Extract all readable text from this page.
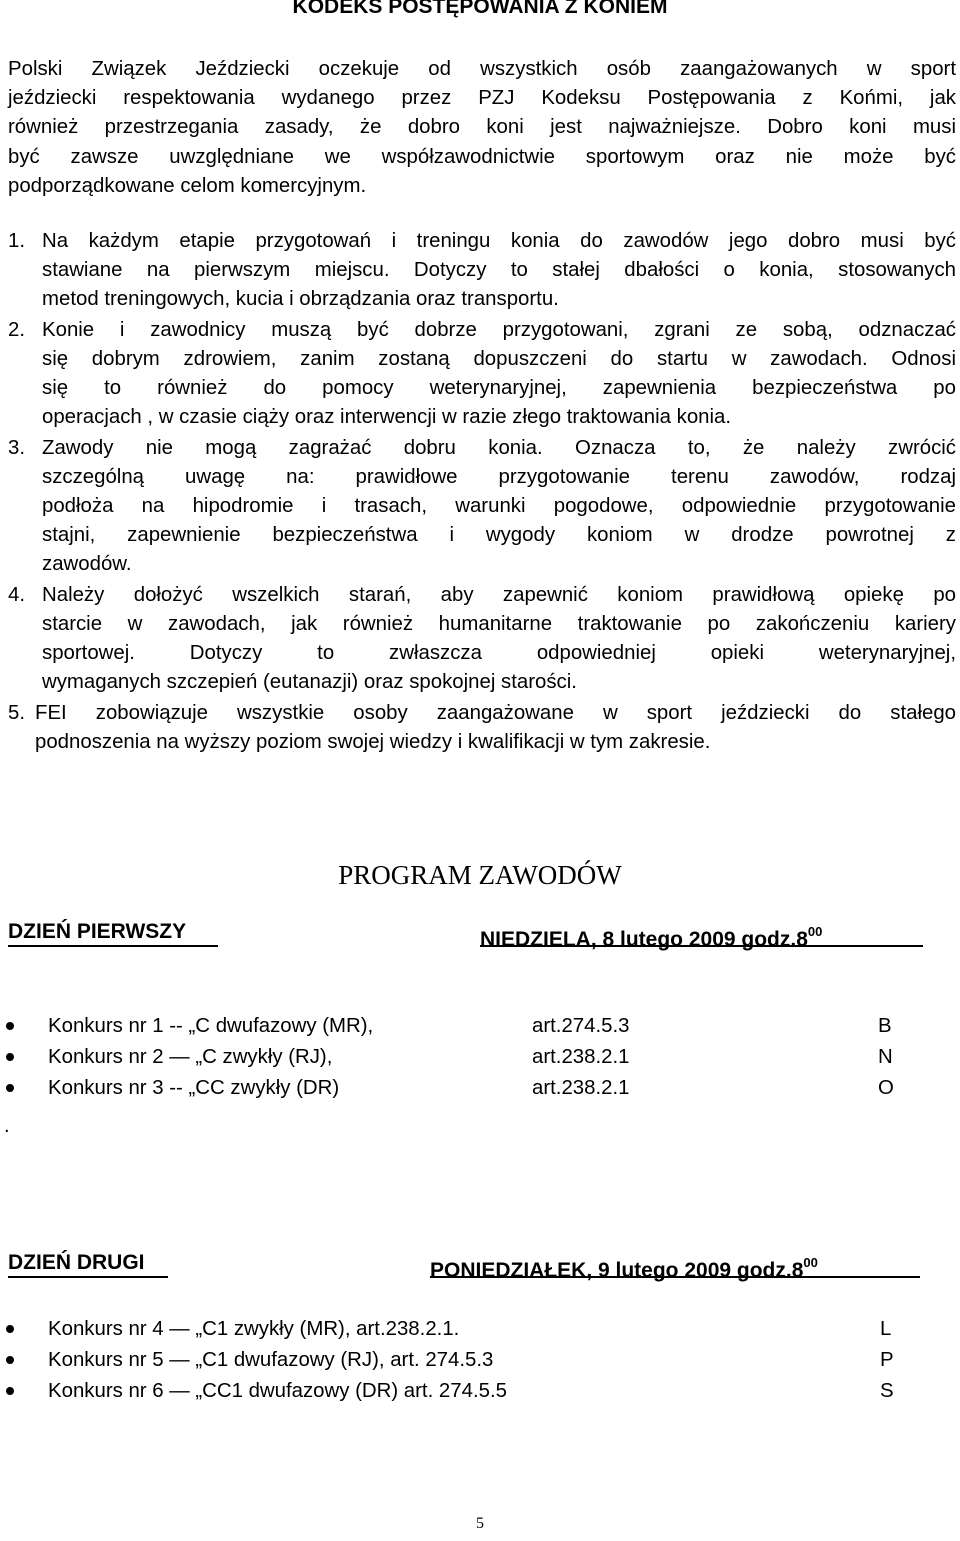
KODEKS POSTĘPOWANIA Z KONIEM
Polski Związek Jeździecki oczekuje od wszystkich osób zaangażowanych w sport
jeździecki respektowania wydanego przez PZJ Kodeksu Postępowania z Końmi, jak
również przestrzegania zasady, że dobro koni jest najważniejsze. Dobro koni musi
być zawsze uwzględniane we współzawodnictwie sportowym oraz nie może być
podporządkowane celom komercyjnym.
1. Na każdym etapie przygotowań i treningu konia do zawodów jego dobro musi być
stawiane na pierwszym miejscu. Dotyczy to stałej dbałości o konia, stosowanych
metod treningowych, kucia i obrządzania oraz transportu.
2. Konie i zawodnicy muszą być dobrze przygotowani, zgrani ze sobą, odznaczać
się dobrym zdrowiem, zanim zostaną dopuszczeni do startu w zawodach. Odnosi
się to również do pomocy weterynaryjnej, zapewnienia bezpieczeństwa po
operacjach , w czasie ciąży oraz interwencji w razie złego traktowania konia.
3. Zawody nie mogą zagrażać dobru konia. Oznacza to, że należy zwrócić
szczególną uwagę na: prawidłowe przygotowanie terenu zawodów, rodzaj
podłoża na hipodromie i trasach, warunki pogodowe, odpowiednie przygotowanie
stajni, zapewnienie bezpieczeństwa i wygody koniom w drodze powrotnej z
zawodów.
4. Należy dołożyć wszelkich starań, aby zapewnić koniom prawidłową opiekę po
starcie w zawodach, jak również humanitarne traktowanie po zakończeniu kariery
sportowej. Dotyczy to zwłaszcza odpowiedniej opieki weterynaryjnej,
wymaganych szczepień (eutanazji) oraz spokojnej starości.
5. FEI zobowiązuje wszystkie osoby zaangażowane w sport jeździecki do stałego
podnoszenia na wyższy poziom swojej wiedzy i kwalifikacji w tym zakresie.
PROGRAM ZAWODÓW
DZIEŃ PIERWSZY	NIEDZIELA, 8 lutego 2009 $godz.8^{00}$
Konkurs nr 1 -- „C dwufazowy (MR),	art.274.5.3	B
Konkurs nr 2 — „C zwykły (RJ),	art.238.2.1	N
Konkurs nr 3 -- „CC zwykły (DR)	art.238.2.1	O
.
DZIEŃ DRUGI	PONIEDZIAŁEK, 9 lutego 2009 $godz.8^{00}$
Konkurs nr 4 — „C1 zwykły (MR), art.238.2.1.	L
Konkurs nr 5 — „C1 dwufazowy (RJ), art. 274.5.3	P
Konkurs nr 6 — „CC1 dwufazowy (DR) art. 274.5.5	S
5
